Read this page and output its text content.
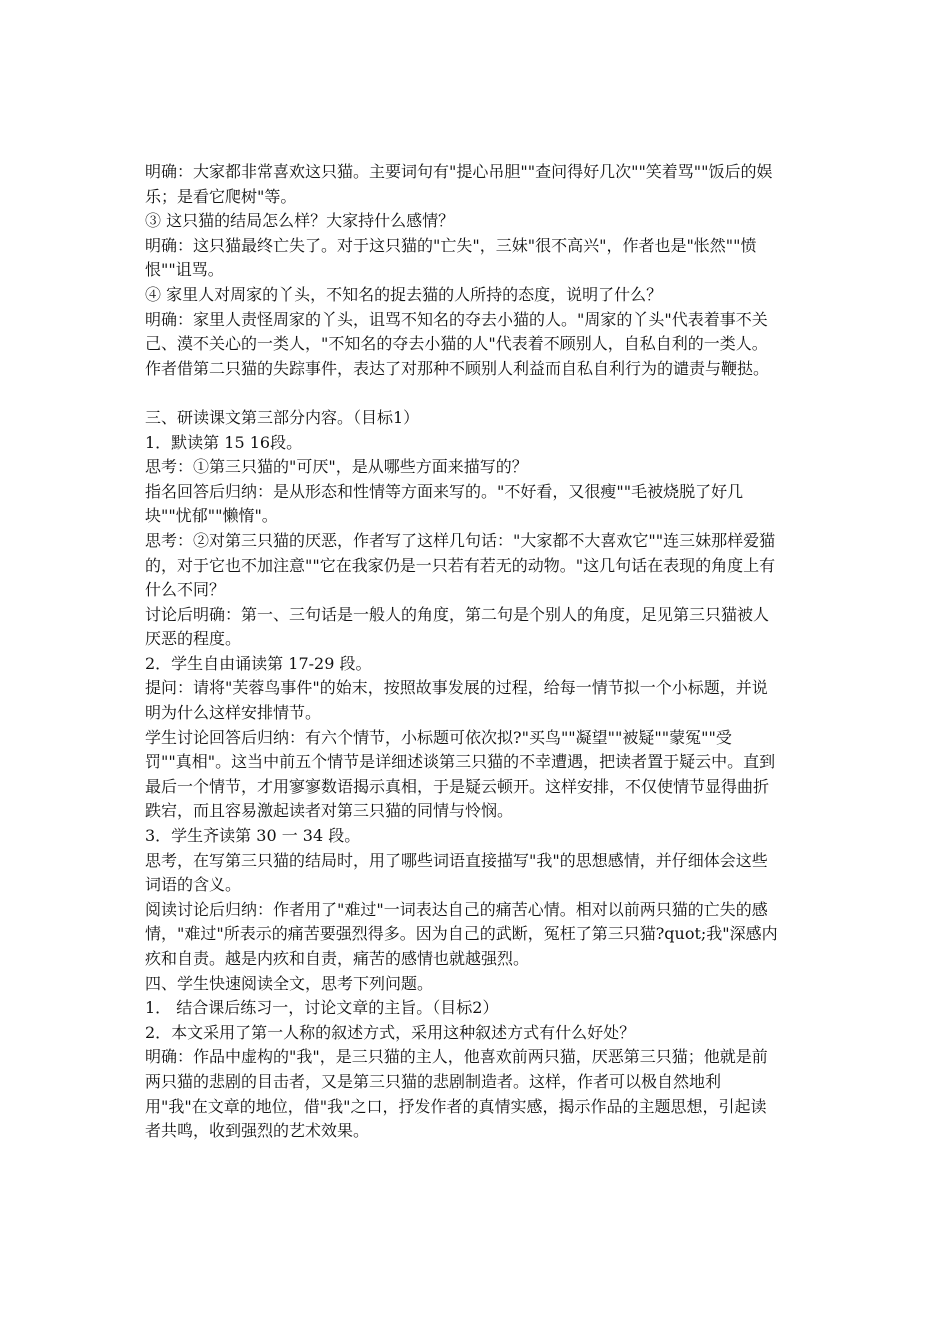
明确：大家都非常喜欢这只猫。主要词句有"提心吊胆""查问得好几次""笑着骂""饭后的娱
乐；是看它爬树"等。
③ 这只猫的结局怎么样？大家持什么感情？
明确：这只猫最终亡失了。对于这只猫的"亡失"，三妹"很不高兴"，作者也是"怅然""愤
恨""诅骂。
④ 家里人对周家的丫头，不知名的捉去猫的人所持的态度，说明了什么？
明确：家里人责怪周家的丫头，诅骂不知名的夺去小猫的人。"周家的丫头"代表着事不关
己、漠不关心的一类人，"不知名的夺去小猫的人"代表着不顾别人，自私自利的一类人。
作者借第二只猫的失踪事件，表达了对那种不顾别人利益而自私自利行为的谴责与鞭挞。
三、研读课文第三部分内容。（目标1）
1．默读第 15 16段。
思考：①第三只猫的"可厌"，是从哪些方面来描写的？
指名回答后归纳：是从形态和性情等方面来写的。"不好看，又很瘦""毛被烧脱了好几
块""忧郁""懒惰"。
思考：②对第三只猫的厌恶，作者写了这样几句话："大家都不大喜欢它""连三妹那样爱猫
的，对于它也不加注意""它在我家仍是一只若有若无的动物。"这几句话在表现的角度上有
什么不同？
讨论后明确：第一、三句话是一般人的角度，第二句是个别人的角度，足见第三只猫被人
厌恶的程度。
2．学生自由诵读第 17-29 段。
提问：请将"芙蓉鸟事件"的始末，按照故事发展的过程，给每一情节拟一个小标题，并说
明为什么这样安排情节。
学生讨论回答后归纳：有六个情节，小标题可依次拟?"买鸟""凝望""被疑""蒙冤""受
罚""真相"。这当中前五个情节是详细述谈第三只猫的不幸遭遇，把读者置于疑云中。直到
最后一个情节，才用寥寥数语揭示真相，于是疑云顿开。这样安排，不仅使情节显得曲折
跌宕，而且容易激起读者对第三只猫的同情与怜悯。
3．学生齐读第 30 一 34 段。
思考，在写第三只猫的结局时，用了哪些词语直接描写"我"的思想感情，并仔细体会这些
词语的含义。
阅读讨论后归纳：作者用了"难过"一词表达自己的痛苦心情。相对以前两只猫的亡失的感
情，"难过"所表示的痛苦要强烈得多。因为自己的武断，冤枉了第三只猫?quot;我"深感内
疚和自责。越是内疚和自责，痛苦的感情也就越强烈。
四、学生快速阅读全文，思考下列问题。
1． 结合课后练习一，讨论文章的主旨。（目标2）
2．本文采用了第一人称的叙述方式，采用这种叙述方式有什么好处？
明确：作品中虚构的"我"，是三只猫的主人，他喜欢前两只猫，厌恶第三只猫；他就是前
两只猫的悲剧的目击者，又是第三只猫的悲剧制造者。这样，作者可以极自然地利
用"我"在文章的地位，借"我"之口，抒发作者的真情实感，揭示作品的主题思想，引起读
者共鸣，收到强烈的艺术效果。
